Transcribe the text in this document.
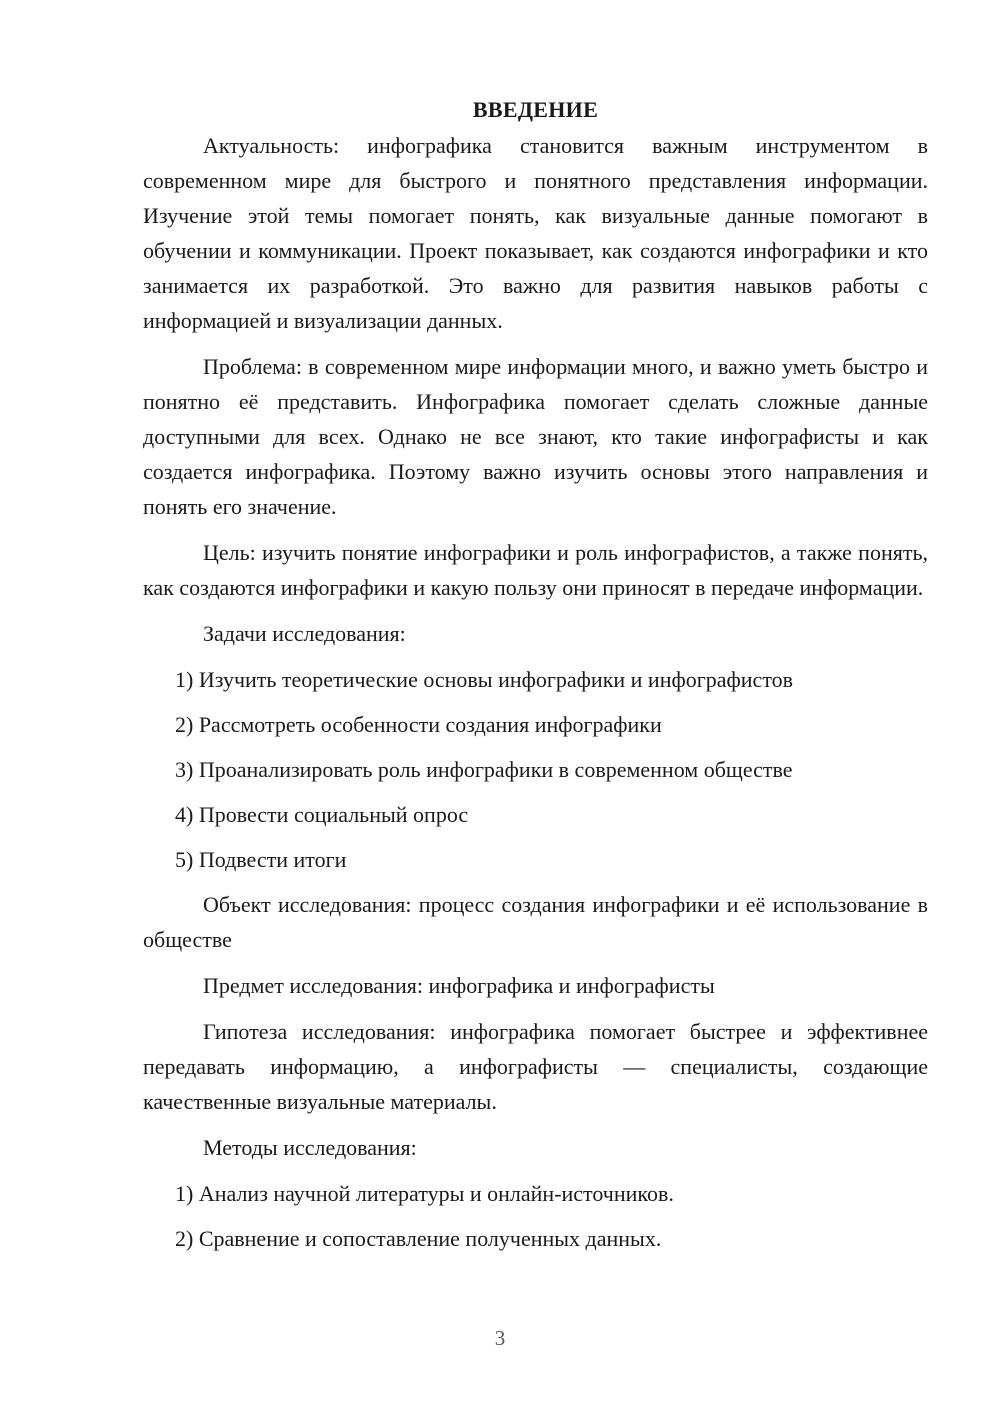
ВВЕДЕНИЕ

Актуальность: инфографика становится важным инструментом в современном мире для быстрого и понятного представления информации. Изучение этой темы помогает понять, как визуальные данные помогают в обучении и коммуникации. Проект показывает, как создаются инфографики и кто занимается их разработкой. Это важно для развития навыков работы с информацией и визуализации данных.

Проблема: в современном мире информации много, и важно уметь быстро и понятно её представить. Инфографика помогает сделать сложные данные доступными для всех. Однако не все знают, кто такие инфографисты и как создается инфографика. Поэтому важно изучить основы этого направления и понять его значение.

Цель: изучить понятие инфографики и роль инфографистов, а также понять, как создаются инфографики и какую пользу они приносят в передаче информации.

Задачи исследования:

1) Изучить теоретические основы инфографики и инфографистов
2) Рассмотреть особенности создания инфографики
3) Проанализировать роль инфографики в современном обществе
4) Провести социальный опрос
5) Подвести итоги

Объект исследования: процесс создания инфографики и её использование в обществе

Предмет исследования: инфографика и инфографисты

Гипотеза исследования: инфографика помогает быстрее и эффективнее передавать информацию, а инфографисты — специалисты, создающие качественные визуальные материалы.

Методы исследования:

1) Анализ научной литературы и онлайн-источников.
2) Сравнение и сопоставление полученных данных.
3
